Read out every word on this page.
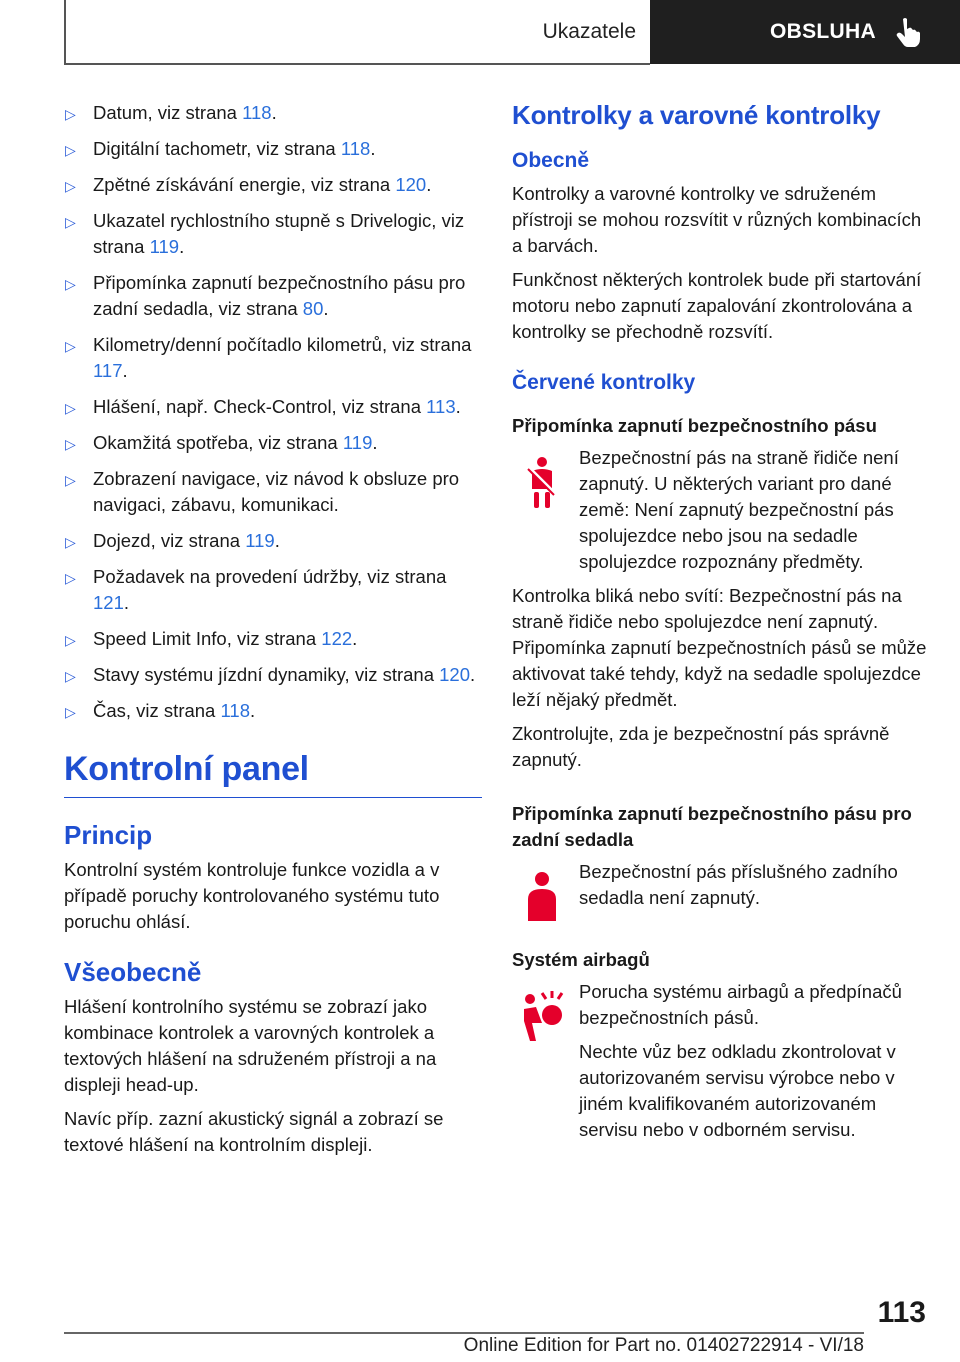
Ukazatele	OBSLUHA
▷ Datum, viz strana 118.
▷ Digitální tachometr, viz strana 118.
▷ Zpětné získávání energie, viz strana 120.
▷ Ukazatel rychlostního stupně s Drivelogic, viz strana 119.
▷ Připomínka zapnutí bezpečnostního pásu pro zadní sedadla, viz strana 80.
▷ Kilometry/denní počítadlo kilometrů, viz strana 117.
▷ Hlášení, např. Check-Control, viz strana 113.
▷ Okamžitá spotřeba, viz strana 119.
▷ Zobrazení navigace, viz návod k obsluze pro navigaci, zábavu, komunikaci.
▷ Dojezd, viz strana 119.
▷ Požadavek na provedení údržby, viz strana 121.
▷ Speed Limit Info, viz strana 122.
▷ Stavy systému jízdní dynamiky, viz strana 120.
▷ Čas, viz strana 118.
Kontrolní panel
Princip

Kontrolní systém kontroluje funkce vozidla a v případě poruchy kontrolovaného systému tuto poruchu ohlásí.

Všeobecně

Hlášení kontrolního systému se zobrazí jako kombinace kontrolek a varovných kontrolek a textových hlášení na sdruženém přístroji a na displeji head-up.

Navíc příp. zazní akustický signál a zobrazí se textové hlášení na kontrolním displeji.

Kontrolky a varovné kontrolky
Obecně

Kontrolky a varovné kontrolky ve sdruženém přístroji se mohou rozsvítit v různých kombinacích a barvách.

Funkčnost některých kontrolek bude při startování motoru nebo zapnutí zapalování zkontrolována a kontrolky se přechodně rozsvítí.

Červené kontrolky
Připomínka zapnutí bezpečnostního pásu

Bezpečnostní pás na straně řidiče není zapnutý. U některých variant pro dané země: Není zapnutý bezpečnostní pás spolujezdce nebo jsou na sedadle spolujezdce rozpoznány předměty.

Kontrolka bliká nebo svítí: Bezpečnostní pás na straně řidiče nebo spolujezdce není zapnutý. Připomínka zapnutí bezpečnostních pásů se může aktivovat také tehdy, když na sedadle spolujezdce leží nějaký předmět.

Zkontrolujte, zda je bezpečnostní pás správně zapnutý.

Připomínka zapnutí bezpečnostního pásu pro zadní sedadla

Bezpečnostní pás příslušného zadního sedadla není zapnutý.

Systém airbagů

Porucha systému airbagů a předpínačů bezpečnostních pásů.

Nechte vůz bez odkladu zkontrolovat v autorizovaném servisu výrobce nebo v jiném kvalifikovaném autorizovaném servisu nebo v odborném servisu.

113
Online Edition for Part no. 01402722914 - VI/18
